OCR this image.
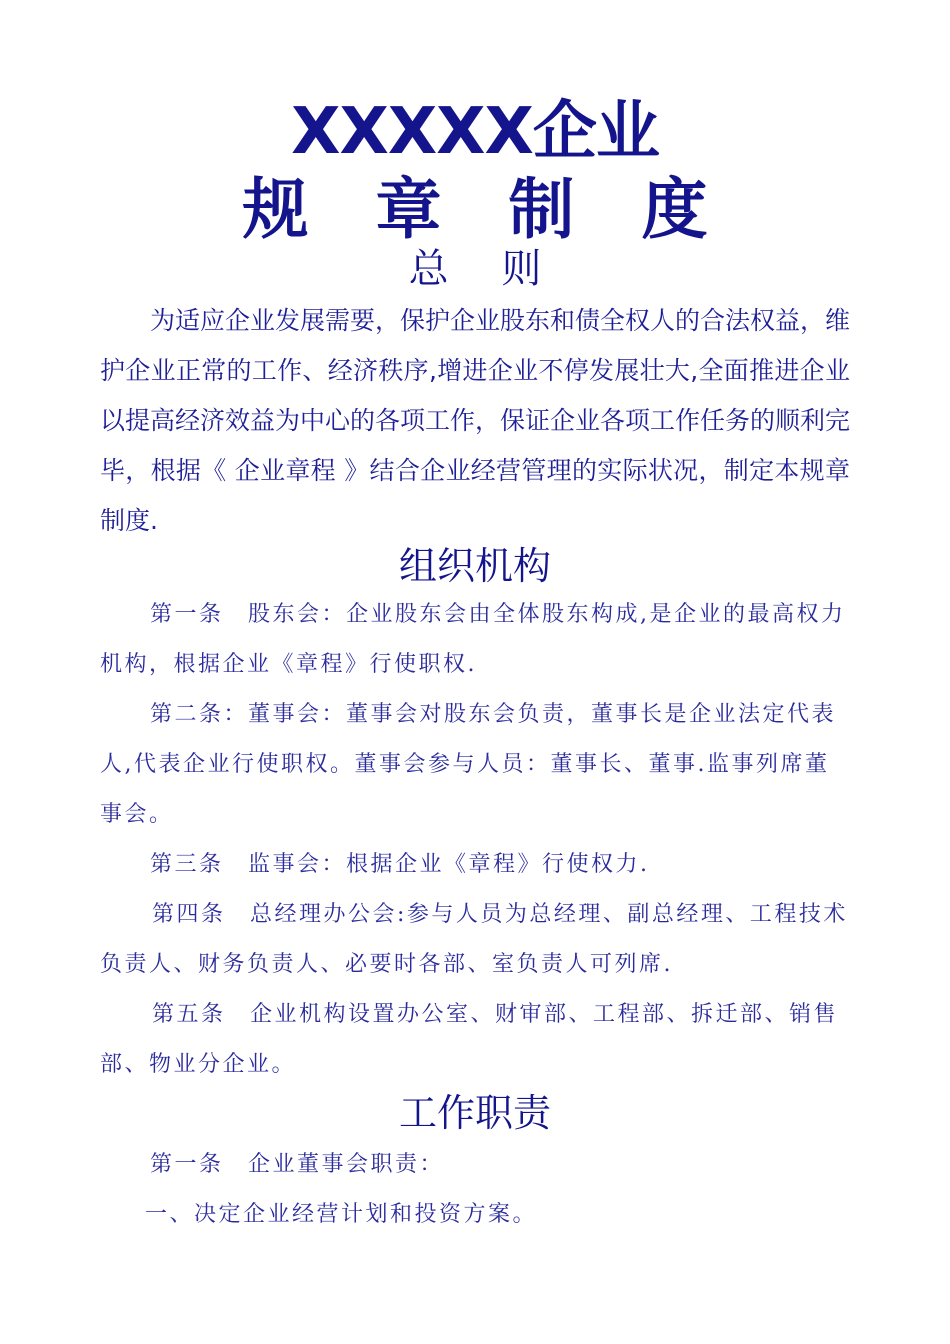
XXXXX企业
规 章 制 度
总 则

为适应企业发展需要，保护企业股东和债全权人的合法权益，维护企业正常的工作、经济秩序,增进企业不停发展壮大,全面推进企业以提高经济效益为中心的各项工作，保证企业各项工作任务的顺利完毕，根据《 企业章程 》结合企业经营管理的实际状况，制定本规章制度.

组织机构

第一条　股东会：企业股东会由全体股东构成,是企业的最高权力机构，根据企业《章程》行使职权.

第二条：董事会：董事会对股东会负责，董事长是企业法定代表人,代表企业行使职权。董事会参与人员：董事长、董事.监事列席董事会。

第三条　监事会：根据企业《章程》行使权力.

第四条　总经理办公会:参与人员为总经理、副总经理、工程技术负责人、财务负责人、必要时各部、室负责人可列席.

第五条　企业机构设置办公室、财审部、工程部、拆迁部、销售部、物业分企业。

工作职责

第一条　企业董事会职责：

一、决定企业经营计划和投资方案。
